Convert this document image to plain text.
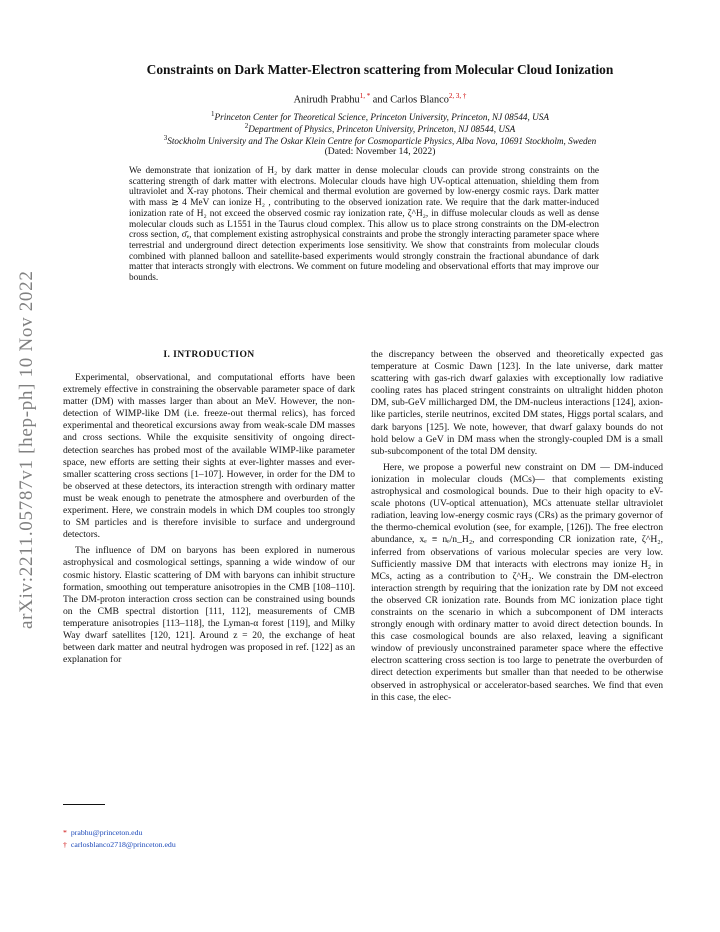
arXiv:2211.05787v1 [hep-ph] 10 Nov 2022
Constraints on Dark Matter-Electron scattering from Molecular Cloud Ionization
Anirudh Prabhu$^{1, *}$ and Carlos Blanco$^{2, 3, \dagger}$
$^1$Princeton Center for Theoretical Science, Princeton University, Princeton, NJ 08544, USA
$^2$Department of Physics, Princeton University, Princeton, NJ 08544, USA
$^3$Stockholm University and The Oskar Klein Centre for Cosmoparticle Physics, Alba Nova, 10691 Stockholm, Sweden
(Dated: November 14, 2022)

We demonstrate that ionization of H₂ by dark matter in dense molecular clouds can provide strong constraints on the scattering strength of dark matter with electrons. Molecular clouds have high UV-optical attenuation, shielding them from ultraviolet and X-ray photons. Their chemical and thermal evolution are governed by low-energy cosmic rays. Dark matter with mass ≳ 4 MeV can ionize H₂ , contributing to the observed ionization rate. We require that the dark matter-induced ionization rate of H₂ not exceed the observed cosmic ray ionization rate, ζ^H₂, in diffuse molecular clouds as well as dense molecular clouds such as L1551 in the Taurus cloud complex. This allow us to place strong constraints on the DM-electron cross section, σ̄ₑ, that complement existing astrophysical constraints and probe the strongly interacting parameter space where terrestrial and underground direct detection experiments lose sensitivity. We show that constraints from molecular clouds combined with planned balloon and satellite-based experiments would strongly constrain the fractional abundance of dark matter that interacts strongly with electrons. We comment on future modeling and observational efforts that may improve our bounds.

I. INTRODUCTION

Experimental, observational, and computational efforts have been extremely effective in constraining the observable parameter space of dark matter (DM) with masses larger than about an MeV. However, the non-detection of WIMP-like DM (i.e. freeze-out thermal relics), has forced experimental and theoretical excursions away from weak-scale DM masses and cross sections. While the exquisite sensitivity of ongoing direct-detection searches has probed most of the available WIMP-like parameter space, new efforts are setting their sights at ever-lighter masses and ever-smaller scattering cross sections [1–107]. However, in order for the DM to be observed at these detectors, its interaction strength with ordinary matter must be weak enough to penetrate the atmosphere and overburden of the experiment. Here, we constrain models in which DM couples too strongly to SM particles and is therefore invisible to surface and underground detectors.

The influence of DM on baryons has been explored in numerous astrophysical and cosmological settings, spanning a wide window of our cosmic history. Elastic scattering of DM with baryons can inhibit structure formation, smoothing out temperature anisotropies in the CMB [108–110]. The DM-proton interaction cross section can be constrained using bounds on the CMB spectral distortion [111, 112], measurements of CMB temperature anisotropies [113–118], the Lyman-α forest [119], and Milky Way dwarf satellites [120, 121]. Around z = 20, the exchange of heat between dark matter and neutral hydrogen was proposed in ref. [122] as an explanation for

the discrepancy between the observed and theoretically expected gas temperature at Cosmic Dawn [123]. In the late universe, dark matter scattering with gas-rich dwarf galaxies with exceptionally low radiative cooling rates has placed stringent constraints on ultralight hidden photon DM, sub-GeV millicharged DM, the DM-nucleus interactions [124], axion-like particles, sterile neutrinos, excited DM states, Higgs portal scalars, and dark baryons [125]. We note, however, that dwarf galaxy bounds do not hold below a GeV in DM mass when the strongly-coupled DM is a small sub-subcomponent of the total DM density.

Here, we propose a powerful new constraint on DM — DM-induced ionization in molecular clouds (MCs)— that complements existing astrophysical and cosmological bounds. Due to their high opacity to eV-scale photons (UV-optical attenuation), MCs attenuate stellar ultraviolet radiation, leaving low-energy cosmic rays (CRs) as the primary governor of the thermo-chemical evolution (see, for example, [126]). The free electron abundance, xₑ ≡ nₑ/n_H₂, and corresponding CR ionization rate, ζ^H₂, inferred from observations of various molecular species are very low. Sufficiently massive DM that interacts with electrons may ionize H₂ in MCs, acting as a contribution to ζ^H₂. We constrain the DM-electron interaction strength by requiring that the ionization rate by DM not exceed the observed CR ionization rate. Bounds from MC ionization place tight constraints on the scenario in which a subcomponent of DM interacts strongly enough with ordinary matter to avoid direct detection bounds. In this case cosmological bounds are also relaxed, leaving a significant window of previously unconstrained parameter space where the effective electron scattering cross section is too large to penetrate the overburden of direct detection experiments but smaller than that needed to be otherwise observed in astrophysical or accelerator-based searches. We find that even in this case, the elec-

* prabhu@princeton.edu
† carlosblanco2718@princeton.edu
